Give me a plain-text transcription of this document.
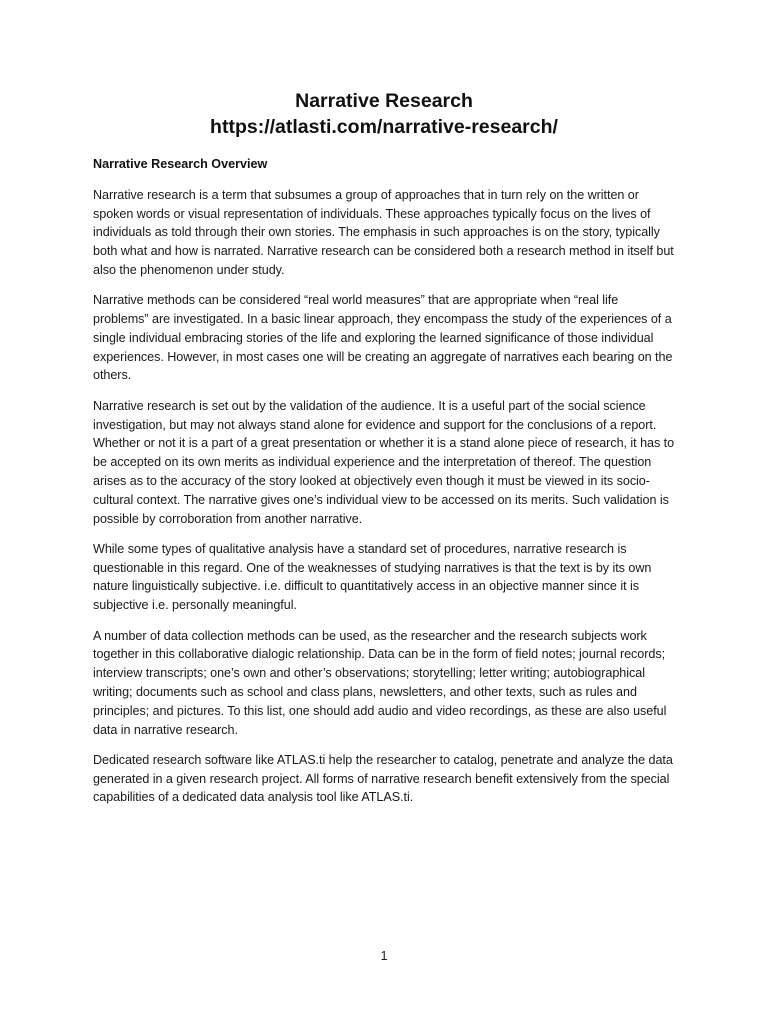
Narrative Research

https://atlasti.com/narrative-research/

Narrative Research Overview

Narrative research is a term that subsumes a group of approaches that in turn rely on the written or spoken words or visual representation of individuals. These approaches typically focus on the lives of individuals as told through their own stories. The emphasis in such approaches is on the story, typically both what and how is narrated. Narrative research can be considered both a research method in itself but also the phenomenon under study.

Narrative methods can be considered “real world measures” that are appropriate when “real life problems” are investigated. In a basic linear approach, they encompass the study of the experiences of a single individual embracing stories of the life and exploring the learned significance of those individual experiences. However, in most cases one will be creating an aggregate of narratives each bearing on the others.

Narrative research is set out by the validation of the audience. It is a useful part of the social science investigation, but may not always stand alone for evidence and support for the conclusions of a report. Whether or not it is a part of a great presentation or whether it is a stand alone piece of research, it has to be accepted on its own merits as individual experience and the interpretation of thereof. The question arises as to the accuracy of the story looked at objectively even though it must be viewed in its socio-cultural context. The narrative gives one’s individual view to be accessed on its merits. Such validation is possible by corroboration from another narrative.

While some types of qualitative analysis have a standard set of procedures, narrative research is questionable in this regard. One of the weaknesses of studying narratives is that the text is by its own nature linguistically subjective. i.e. difficult to quantitatively access in an objective manner since it is subjective i.e. personally meaningful.

A number of data collection methods can be used, as the researcher and the research subjects work together in this collaborative dialogic relationship. Data can be in the form of field notes; journal records; interview transcripts; one’s own and other’s observations; storytelling; letter writing; autobiographical writing; documents such as school and class plans, newsletters, and other texts, such as rules and principles; and pictures. To this list, one should add audio and video recordings, as these are also useful data in narrative research.

Dedicated research software like ATLAS.ti help the researcher to catalog, penetrate and analyze the data generated in a given research project. All forms of narrative research benefit extensively from the special capabilities of a dedicated data analysis tool like ATLAS.ti.

1
